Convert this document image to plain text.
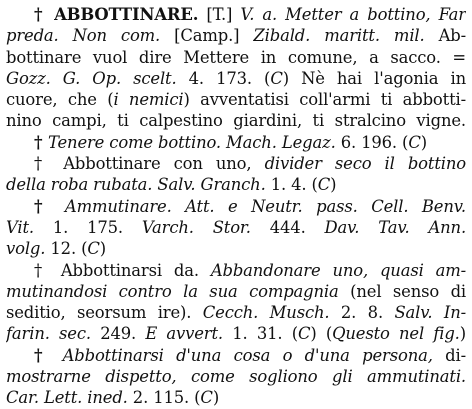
† ABBOTTINARE. [T.] V. a. Metter a bottino, Far
preda. Non com. [Camp.] Zibald. maritt. mil. Ab-
bottinare vuol dire Mettere in comune, a sacco. =
Gozz. G. Op. scelt. 4. 173. (C) Nè hai l'agonia in
cuore, che (i nemici) avventatisi coll'armi ti abbotti-
nino campi, ti calpestino giardini, ti stralcino vigne.
† Tenere come bottino. Mach. Legaz. 6. 196. (C)
† Abbottinare con uno, divider seco il bottino
della roba rubata. Salv. Granch. 1. 4. (C)
† Ammutinare. Att. e Neutr. pass. Cell. Benv.
Vit. 1. 175. Varch. Stor. 444. Dav. Tav. Ann.
volg. 12. (C)
† Abbottinarsi da. Abbandonare uno, quasi am-
mutinandosi contro la sua compagnia (nel senso di
seditio, seorsum ire). Cecch. Musch. 2. 8. Salv. In-
farin. sec. 249. E avvert. 1. 31. (C) (Questo nel fig.)
† Abbottinarsi d'una cosa o d'una persona, di-
mostrarne dispetto, come sogliono gli ammutinati.
Car. Lett. ined. 2. 115. (C)
